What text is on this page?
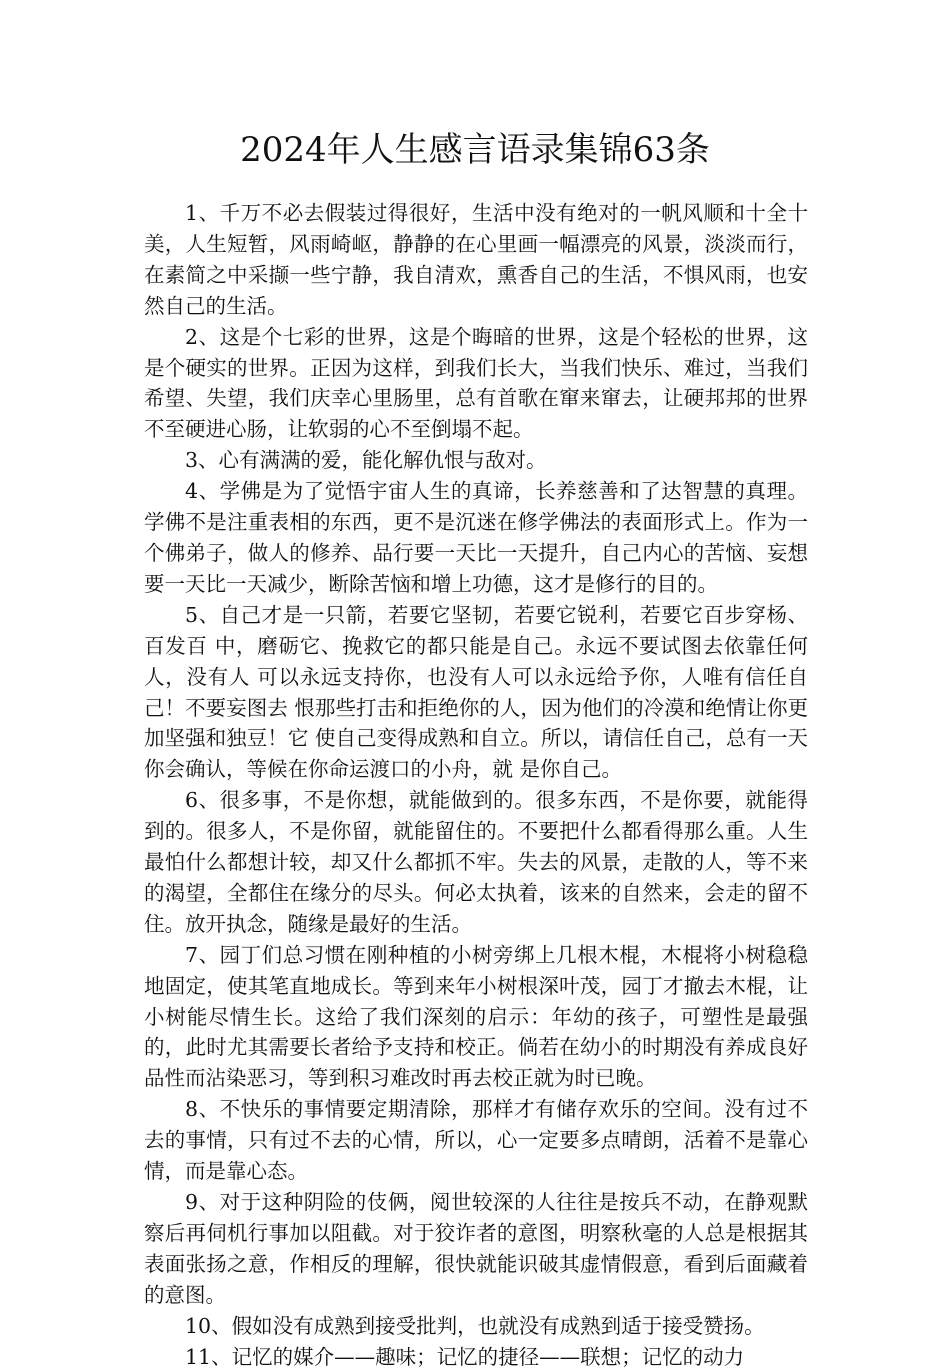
2024年人生感言语录集锦63条

1、千万不必去假装过得很好，生活中没有绝对的一帆风顺和十全十美，人生短暂，风雨崎岖，静静的在心里画一幅漂亮的风景，淡淡而行，在素简之中采撷一些宁静，我自清欢，熏香自己的生活，不惧风雨，也安然自己的生活。

2、这是个七彩的世界，这是个晦暗的世界，这是个轻松的世界，这是个硬实的世界。正因为这样，到我们长大，当我们快乐、难过，当我们希望、失望，我们庆幸心里肠里，总有首歌在窜来窜去，让硬邦邦的世界不至硬进心肠，让软弱的心不至倒塌不起。

3、心有满满的爱，能化解仇恨与敌对。

4、学佛是为了觉悟宇宙人生的真谛，长养慈善和了达智慧的真理。学佛不是注重表相的东西，更不是沉迷在修学佛法的表面形式上。作为一个佛弟子，做人的修养、品行要一天比一天提升，自己内心的苦恼、妄想要一天比一天减少，断除苦恼和增上功德，这才是修行的目的。

5、自己才是一只箭，若要它坚韧，若要它锐利，若要它百步穿杨、百发百 中，磨砺它、挽救它的都只能是自己。永远不要试图去依靠任何人，没有人 可以永远支持你，也没有人可以永远给予你，人唯有信任自己！不要妄图去 恨那些打击和拒绝你的人，因为他们的冷漠和绝情让你更加坚强和独豆！它 使自己变得成熟和自立。所以，请信任自己，总有一天你会确认，等候在你命运渡口的小舟，就 是你自己。

6、很多事，不是你想，就能做到的。很多东西，不是你要，就能得到的。很多人，不是你留，就能留住的。不要把什么都看得那么重。人生最怕什么都想计较，却又什么都抓不牢。失去的风景，走散的人，等不来的渴望，全都住在缘分的尽头。何必太执着，该来的自然来，会走的留不住。放开执念，随缘是最好的生活。

7、园丁们总习惯在刚种植的小树旁绑上几根木棍，木棍将小树稳稳地固定，使其笔直地成长。等到来年小树根深叶茂，园丁才撤去木棍，让小树能尽情生长。这给了我们深刻的启示：年幼的孩子，可塑性是最强的，此时尤其需要长者给予支持和校正。倘若在幼小的时期没有养成良好品性而沾染恶习，等到积习难改时再去校正就为时已晚。

8、不快乐的事情要定期清除，那样才有储存欢乐的空间。没有过不去的事情，只有过不去的心情，所以，心一定要多点晴朗，活着不是靠心情，而是靠心态。

9、对于这种阴险的伎俩，阅世较深的人往往是按兵不动，在静观默察后再伺机行事加以阻截。对于狡诈者的意图，明察秋毫的人总是根据其表面张扬之意，作相反的理解，很快就能识破其虚情假意，看到后面藏着的意图。

10、假如没有成熟到接受批判，也就没有成熟到适于接受赞扬。

11、记忆的媒介——趣味；记忆的捷径——联想；记忆的动力
